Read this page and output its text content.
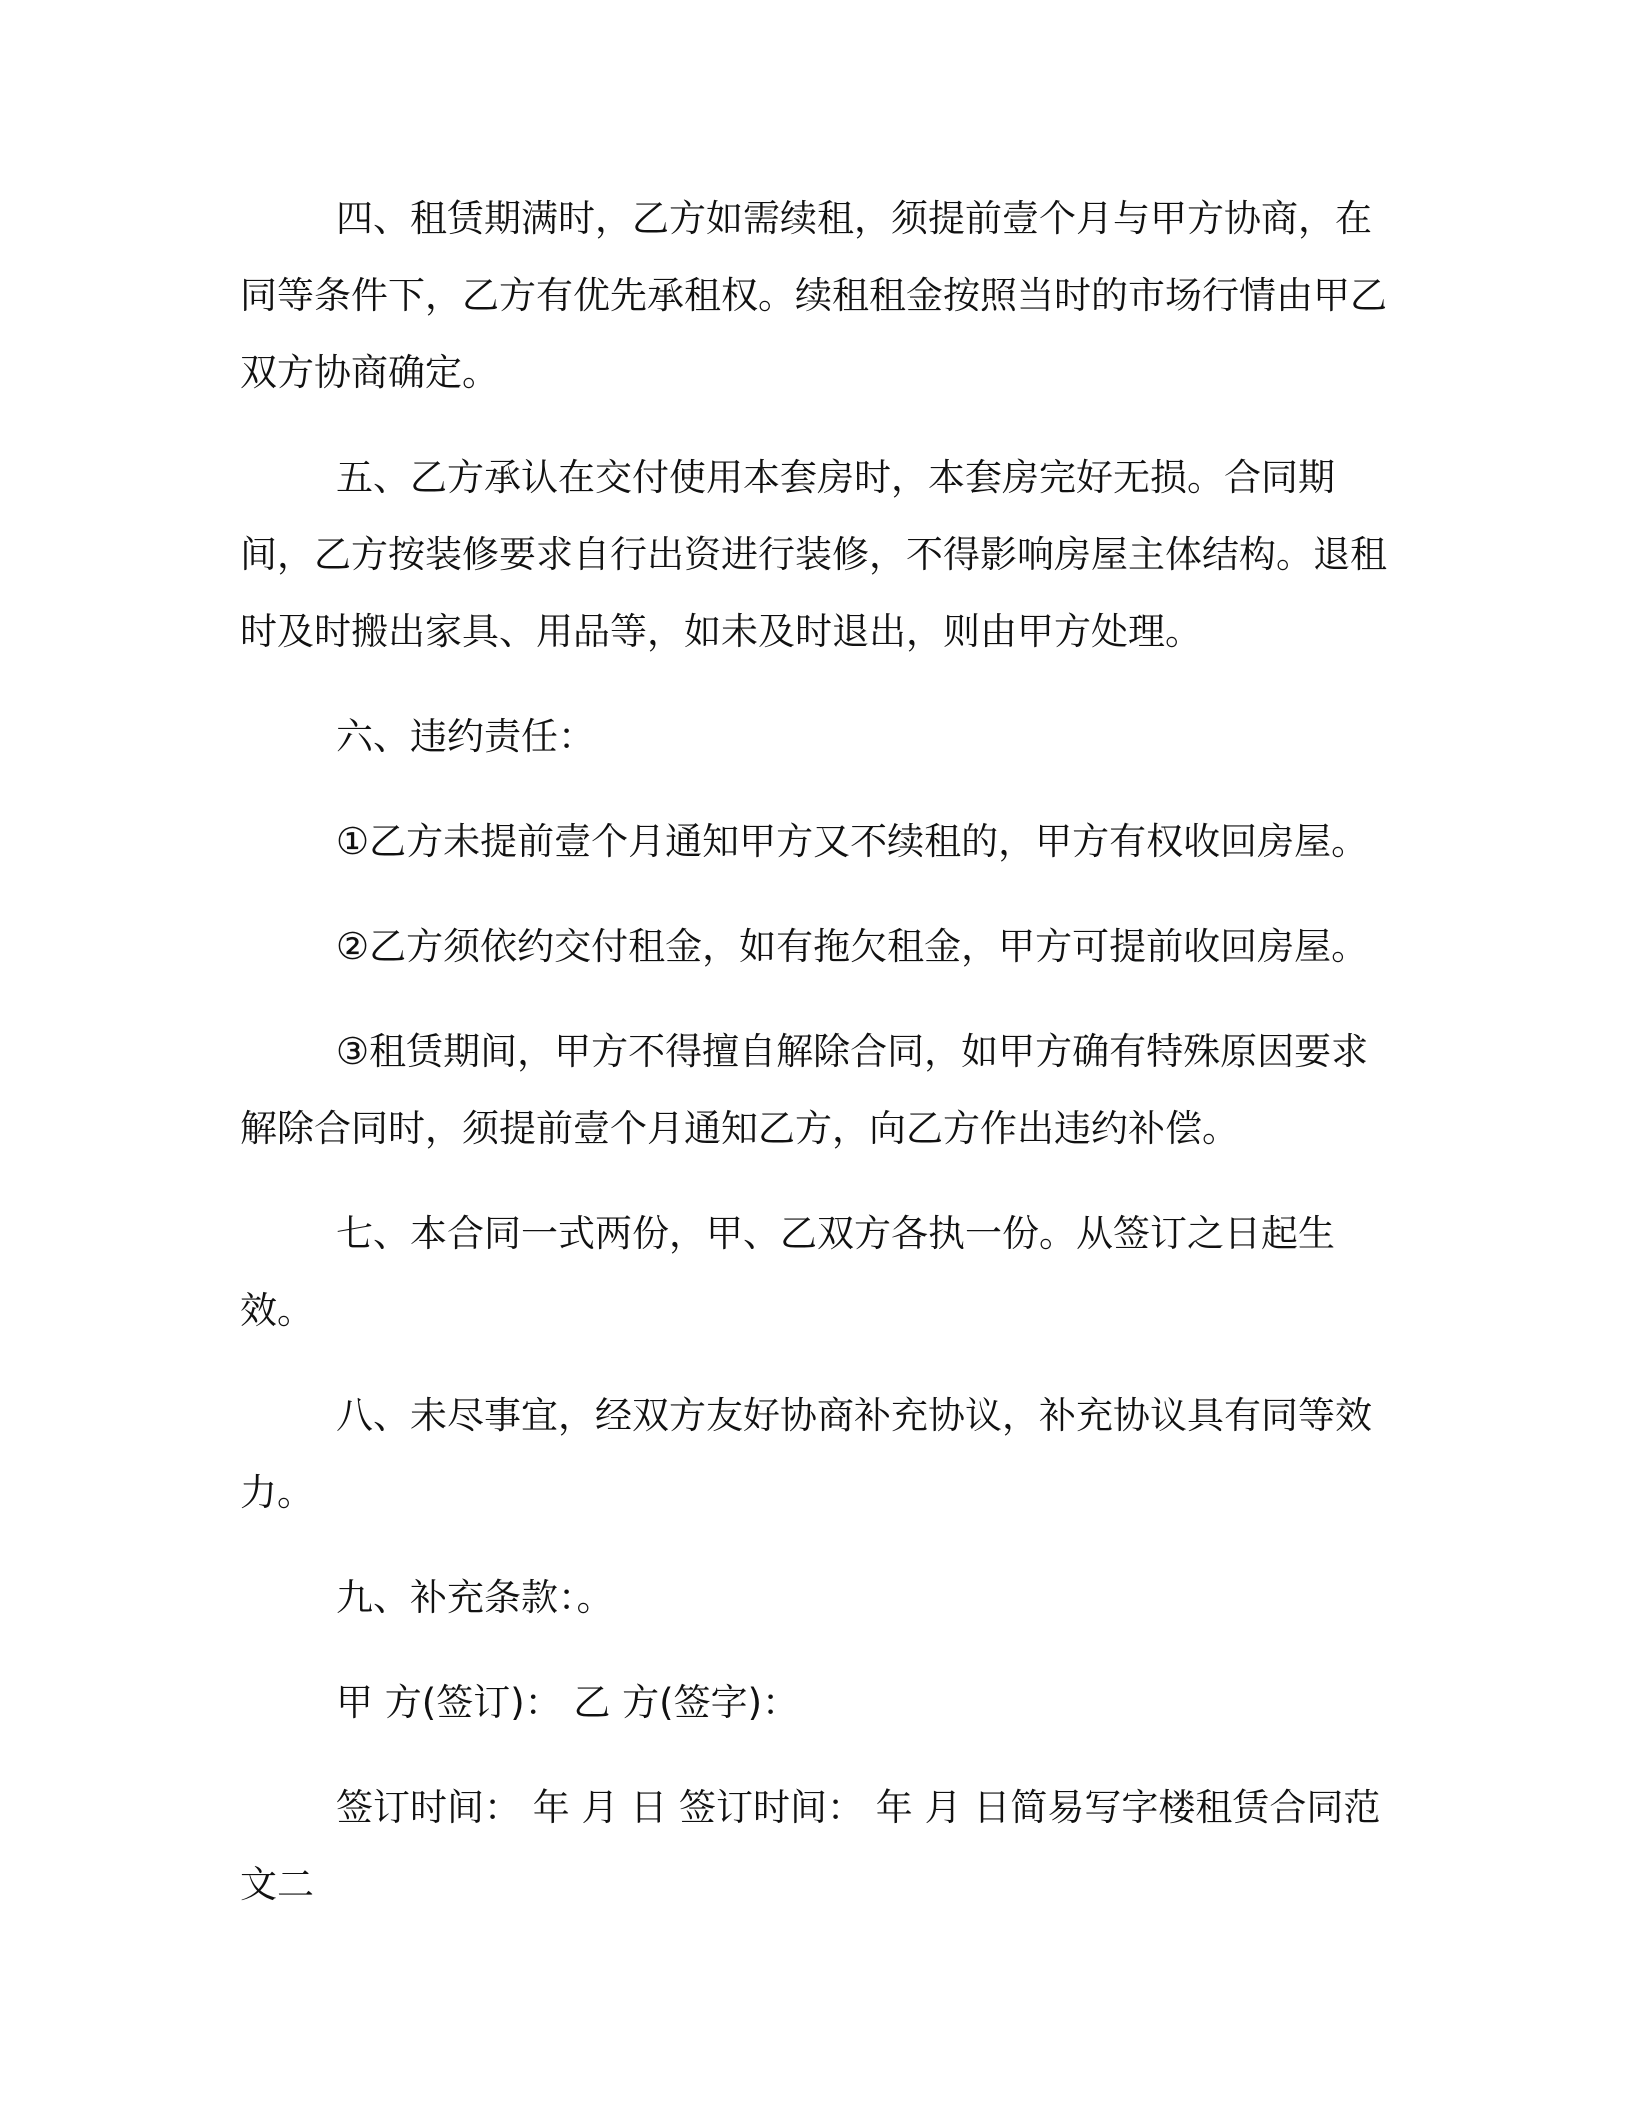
四、租赁期满时，乙方如需续租，须提前壹个月与甲方协商，在同等条件下，乙方有优先承租权。续租租金按照当时的市场行情由甲乙双方协商确定。

五、乙方承认在交付使用本套房时，本套房完好无损。合同期间，乙方按装修要求自行出资进行装修，不得影响房屋主体结构。退租时及时搬出家具、用品等，如未及时退出，则由甲方处理。

六、违约责任：

①乙方未提前壹个月通知甲方又不续租的，甲方有权收回房屋。

②乙方须依约交付租金，如有拖欠租金，甲方可提前收回房屋。

③租赁期间，甲方不得擅自解除合同，如甲方确有特殊原因要求解除合同时，须提前壹个月通知乙方，向乙方作出违约补偿。

七、本合同一式两份，甲、乙双方各执一份。从签订之日起生效。

八、未尽事宜，经双方友好协商补充协议，补充协议具有同等效力。

九、补充条款：。

甲 方(签订)： 乙 方(签字)：

签订时间： 年 月 日 签订时间： 年 月 日简易写字楼租赁合同范文二
